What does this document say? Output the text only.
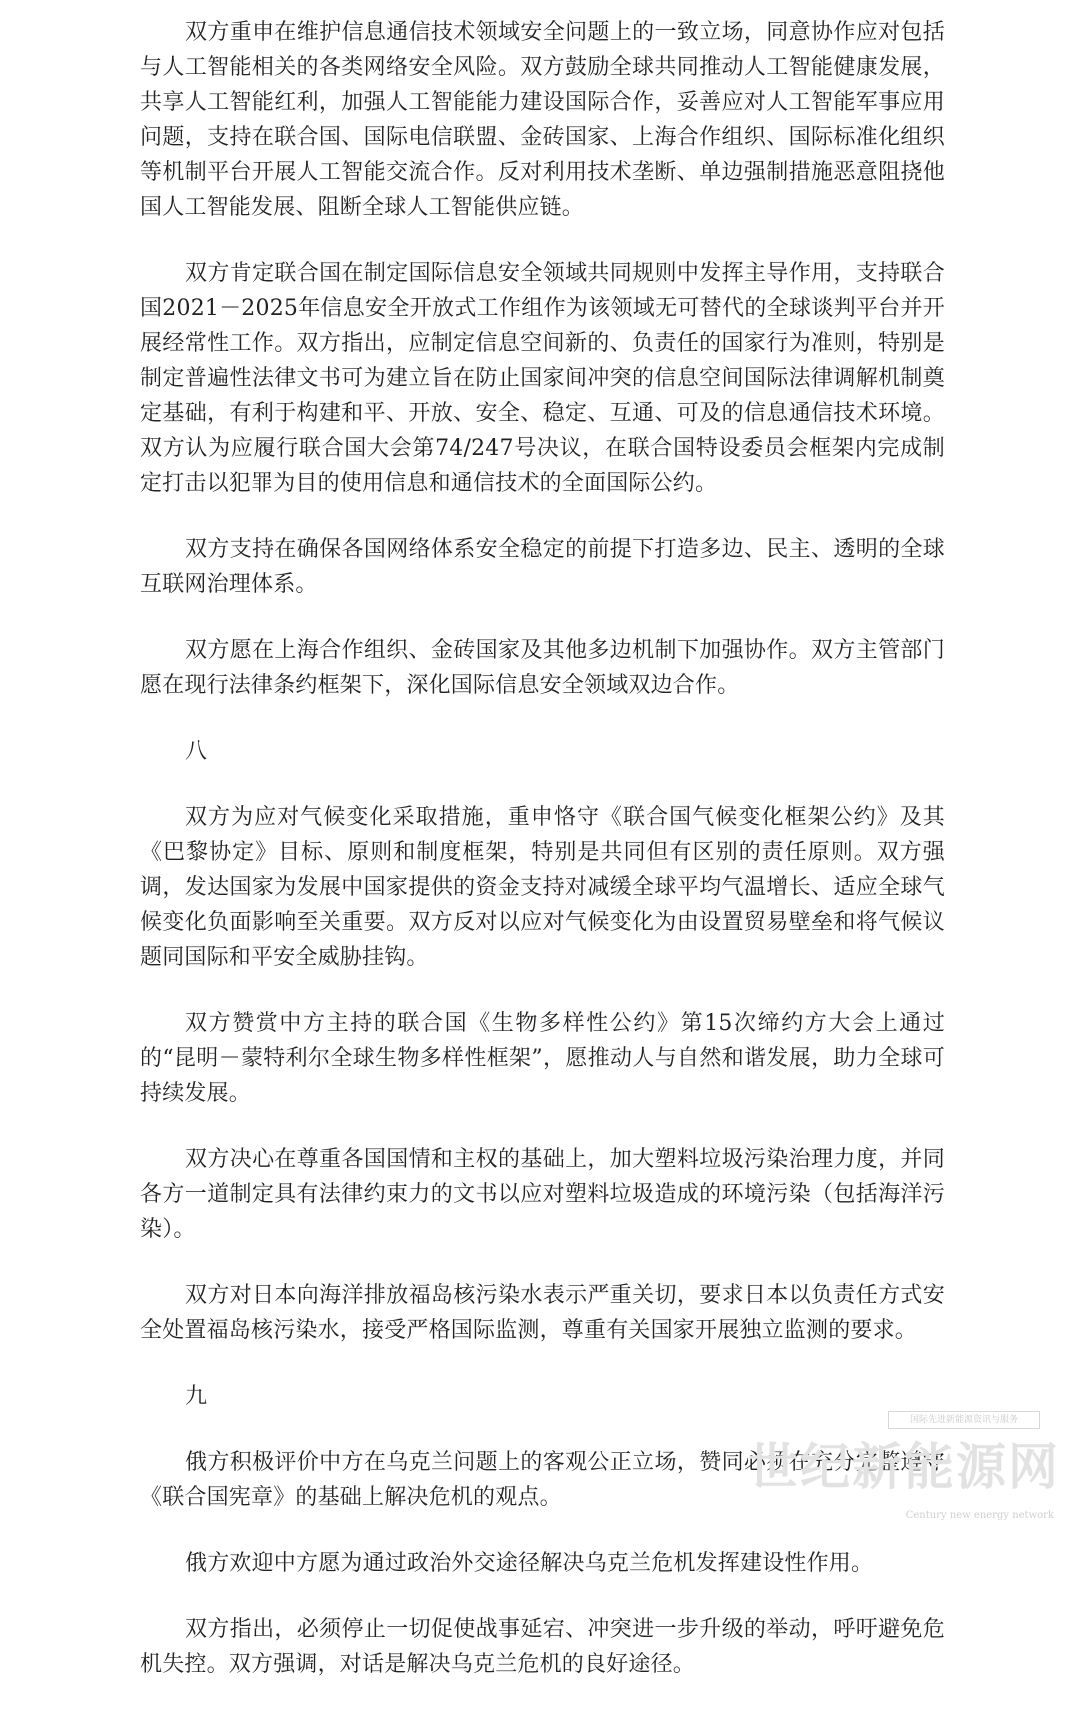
双方重申在维护信息通信技术领域安全问题上的一致立场，同意协作应对包括与人工智能相关的各类网络安全风险。双方鼓励全球共同推动人工智能健康发展，共享人工智能红利，加强人工智能能力建设国际合作，妥善应对人工智能军事应用问题，支持在联合国、国际电信联盟、金砖国家、上海合作组织、国际标准化组织等机制平台开展人工智能交流合作。反对利用技术垄断、单边强制措施恶意阻挠他国人工智能发展、阻断全球人工智能供应链。

双方肯定联合国在制定国际信息安全领域共同规则中发挥主导作用，支持联合国2021－2025年信息安全开放式工作组作为该领域无可替代的全球谈判平台并开展经常性工作。双方指出，应制定信息空间新的、负责任的国家行为准则，特别是制定普遍性法律文书可为建立旨在防止国家间冲突的信息空间国际法律调解机制奠定基础，有利于构建和平、开放、安全、稳定、互通、可及的信息通信技术环境。双方认为应履行联合国大会第74/247号决议，在联合国特设委员会框架内完成制定打击以犯罪为目的使用信息和通信技术的全面国际公约。

双方支持在确保各国网络体系安全稳定的前提下打造多边、民主、透明的全球互联网治理体系。

双方愿在上海合作组织、金砖国家及其他多边机制下加强协作。双方主管部门愿在现行法律条约框架下，深化国际信息安全领域双边合作。

八

双方为应对气候变化采取措施，重申恪守《联合国气候变化框架公约》及其《巴黎协定》目标、原则和制度框架，特别是共同但有区别的责任原则。双方强调，发达国家为发展中国家提供的资金支持对减缓全球平均气温增长、适应全球气候变化负面影响至关重要。双方反对以应对气候变化为由设置贸易壁垒和将气候议题同国际和平安全威胁挂钩。

双方赞赏中方主持的联合国《生物多样性公约》第15次缔约方大会上通过的“昆明－蒙特利尔全球生物多样性框架”，愿推动人与自然和谐发展，助力全球可持续发展。

双方决心在尊重各国国情和主权的基础上，加大塑料垃圾污染治理力度，并同各方一道制定具有法律约束力的文书以应对塑料垃圾造成的环境污染（包括海洋污染）。

双方对日本向海洋排放福岛核污染水表示严重关切，要求日本以负责任方式安全处置福岛核污染水，接受严格国际监测，尊重有关国家开展独立监测的要求。

九

俄方积极评价中方在乌克兰问题上的客观公正立场，赞同必须在充分完整遵守《联合国宪章》的基础上解决危机的观点。

俄方欢迎中方愿为通过政治外交途径解决乌克兰危机发挥建设性作用。

双方指出，必须停止一切促使战事延宕、冲突进一步升级的举动，呼吁避免危机失控。双方强调，对话是解决乌克兰危机的良好途径。

国际先进新能源资讯与服务
世纪新能源网
Century new energy network
